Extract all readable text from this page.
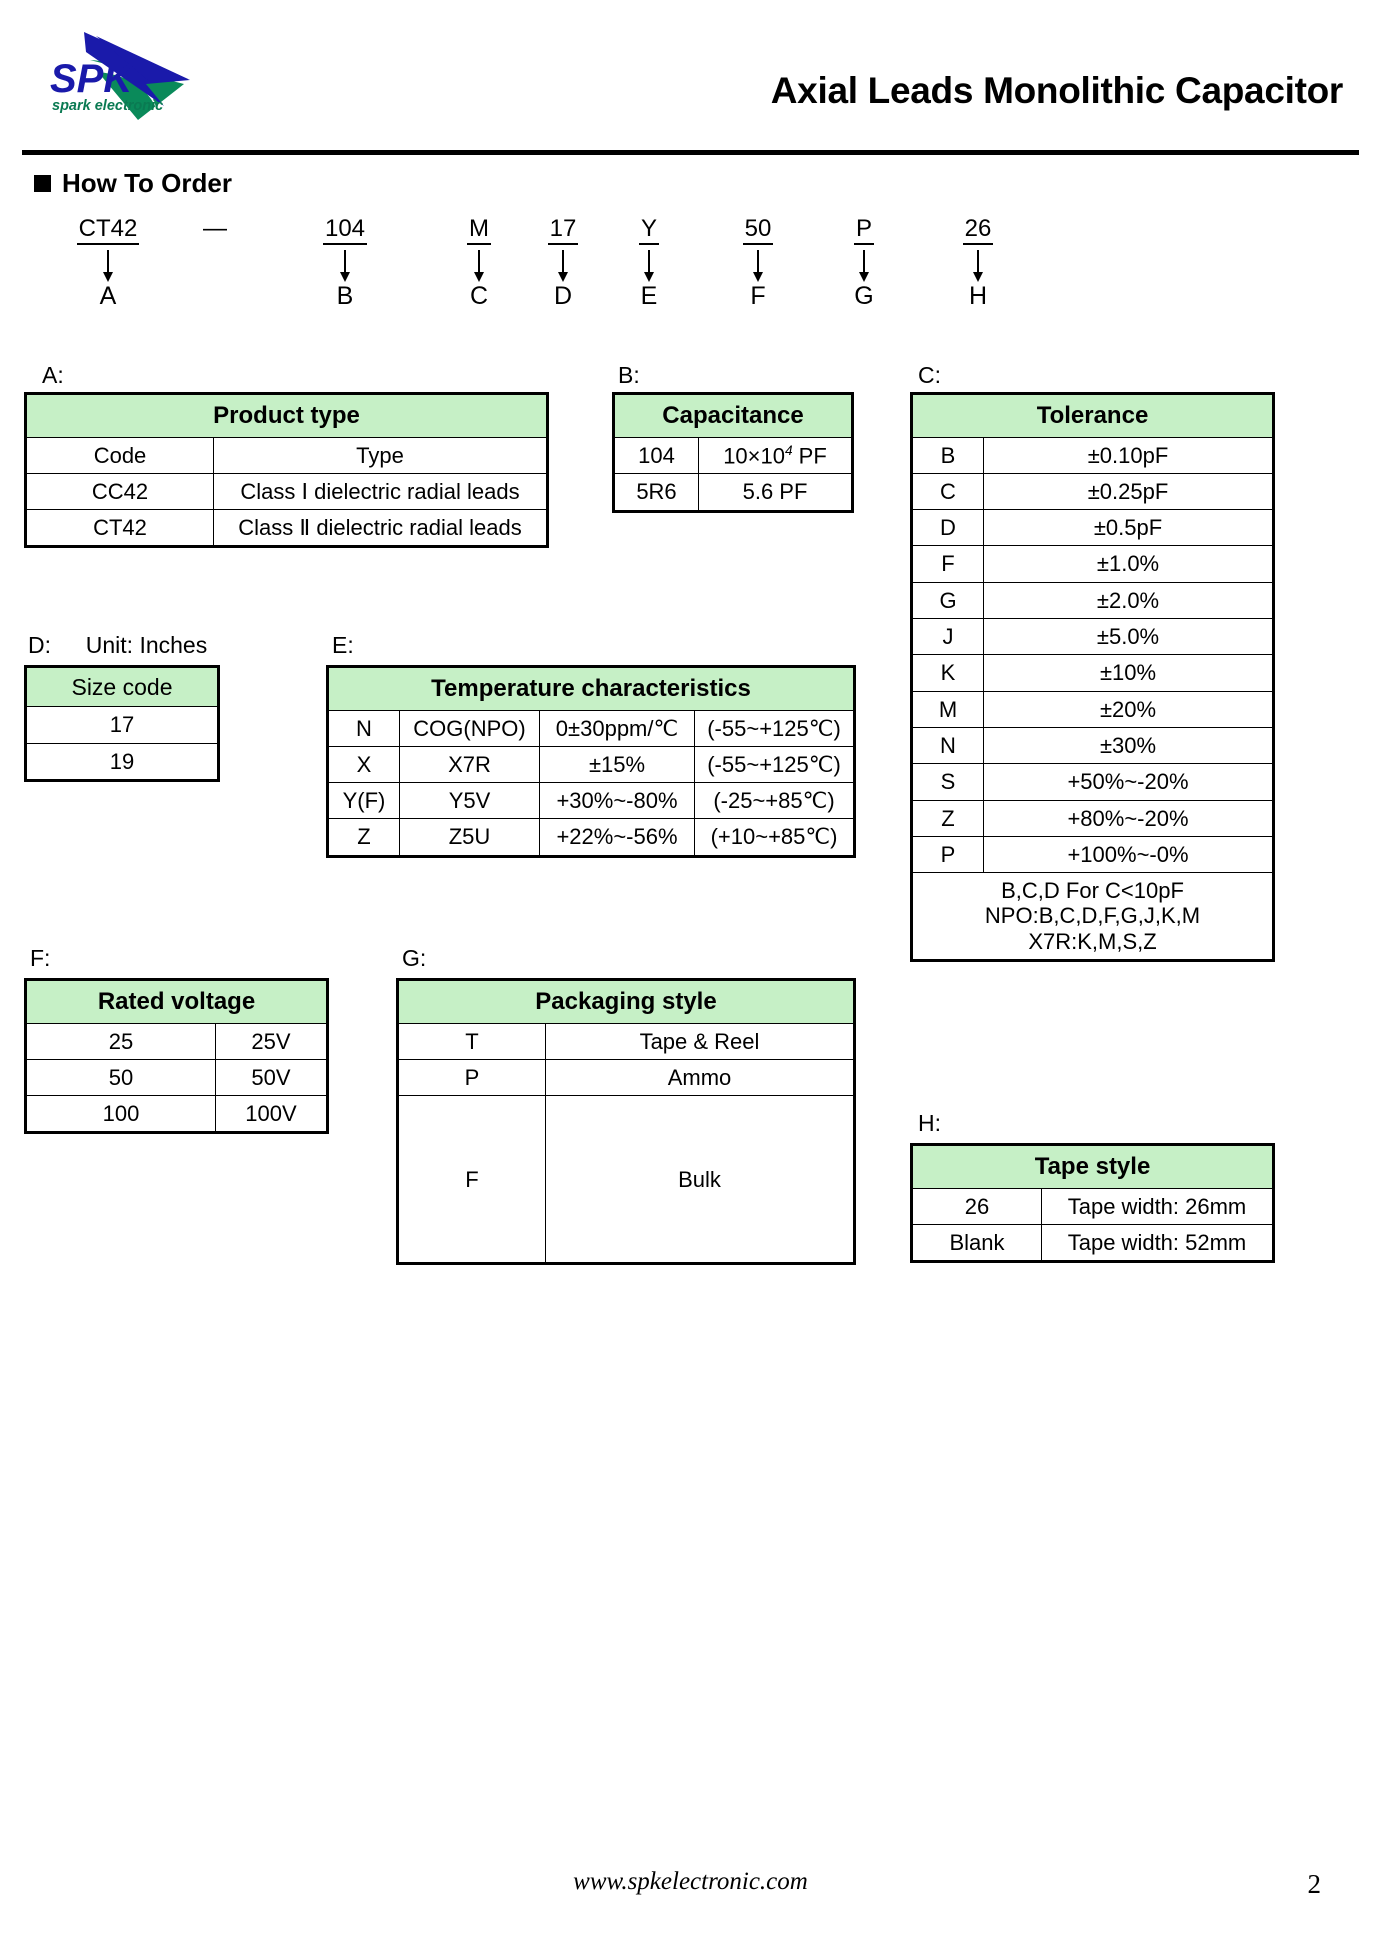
SPK
spark electronic	Axial Leads Monolithic Capacitor
How To Order
CT42
A
—	104
B
M
C
17
D
Y
E
50
F
P
G
26
H
A:
Product type	
Code	Type
CC42	Class Ⅰ dielectric radial leads
CT42	Class Ⅱ dielectric radial leads
B:
Capacitance	
104	$10\times 10^4$ PF
5R6	5.6 PF
C:
Tolerance	
B	±0.10pF
C	±0.25pF
D	±0.5pF
F	±1.0%
G	±2.0%
J	±5.0%
K	±10%
M	±20%
N	±30%
S	+50%~-20%
Z	+80%~-20%
P	+100%~-0%

B,C,D For C<10pF
NPO:B,C,D,F,G,J,K,M
X7R:K,M,S,Z	
D: Unit: Inches
Size code
17
19
E:
Temperature characteristics			
N	COG(NPO)	0±30ppm/℃	(-55~+125℃)
X	X7R	±15%	(-55~+125℃)
Y(F)	Y5V	+30%~-80%	(-25~+85℃)
Z	Z5U	+22%~-56%	(+10~+85℃)
F:
Rated voltage	
25	25V
50	50V
100	100V
G:
Packaging style	
T	Tape & Reel
P	Ammo
F	Bulk
H:
Tape style	
26	Tape width: 26mm
Blank	Tape width: 52mm
www.spkelectronic.com	2
